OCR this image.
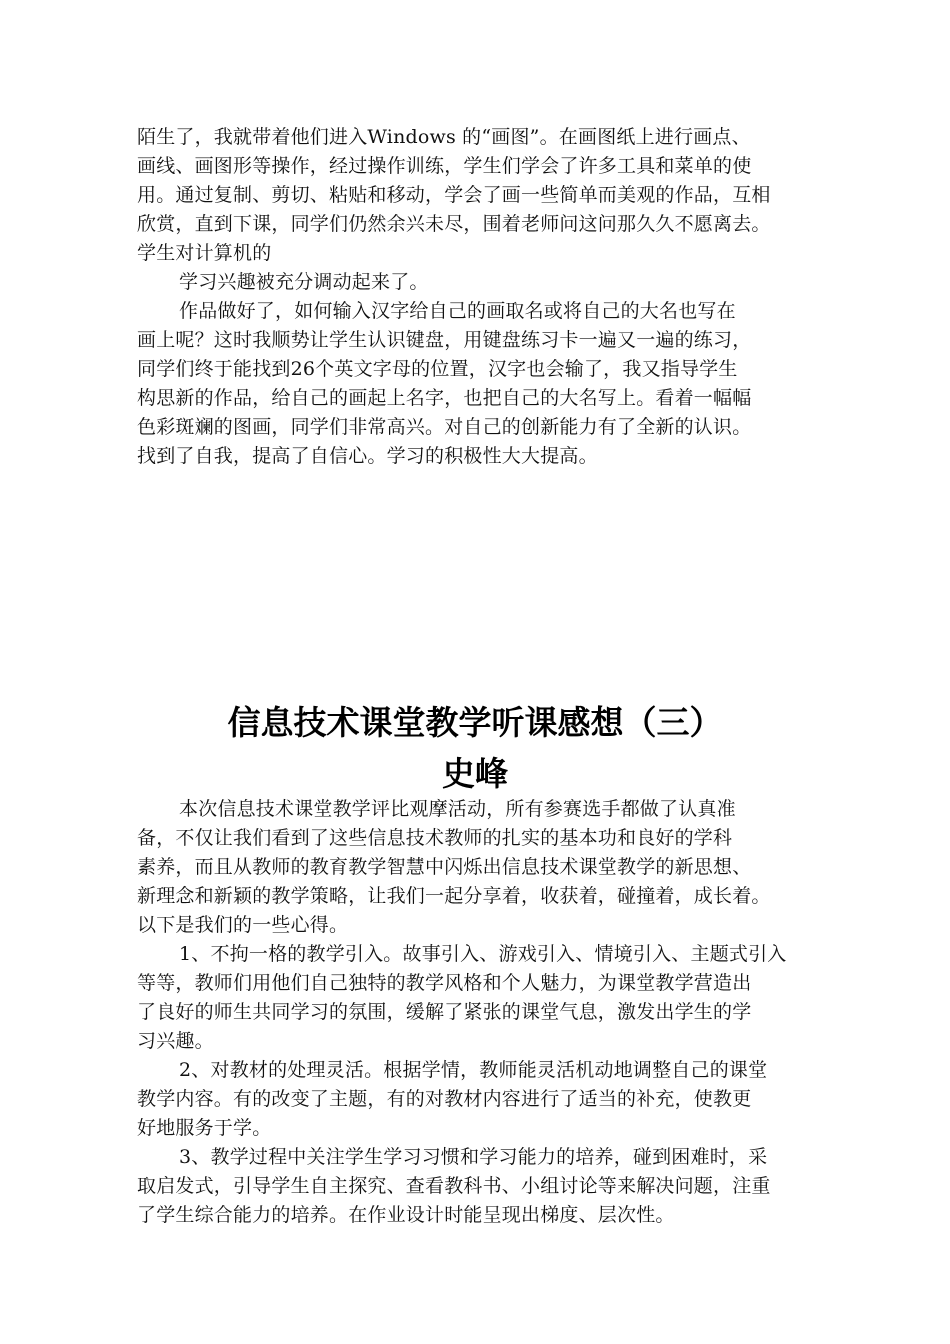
陌生了，我就带着他们进入Windows 的“画图”。在画图纸上进行画点、
画线、画图形等操作，经过操作训练，学生们学会了许多工具和菜单的使
用。通过复制、剪切、粘贴和移动，学会了画一些简单而美观的作品，互相
欣赏，直到下课，同学们仍然余兴未尽，围着老师问这问那久久不愿离去。
学生对计算机的
学习兴趣被充分调动起来了。
作品做好了，如何输入汉字给自己的画取名或将自己的大名也写在
画上呢？这时我顺势让学生认识键盘，用键盘练习卡一遍又一遍的练习，
同学们终于能找到26个英文字母的位置，汉字也会输了，我又指导学生
构思新的作品，给自己的画起上名字，也把自己的大名写上。看着一幅幅
色彩斑斓的图画，同学们非常高兴。对自己的创新能力有了全新的认识。
找到了自我，提高了自信心。学习的积极性大大提高。
信息技术课堂教学听课感想（三）
史峰
本次信息技术课堂教学评比观摩活动，所有参赛选手都做了认真准
备，不仅让我们看到了这些信息技术教师的扎实的基本功和良好的学科
素养，而且从教师的教育教学智慧中闪烁出信息技术课堂教学的新思想、
新理念和新颖的教学策略，让我们一起分享着，收获着，碰撞着，成长着。
以下是我们的一些心得。
1、不拘一格的教学引入。故事引入、游戏引入、情境引入、主题式引入
等等，教师们用他们自己独特的教学风格和个人魅力，为课堂教学营造出
了良好的师生共同学习的氛围，缓解了紧张的课堂气息，激发出学生的学
习兴趣。
2、对教材的处理灵活。根据学情，教师能灵活机动地调整自己的课堂
教学内容。有的改变了主题，有的对教材内容进行了适当的补充，使教更
好地服务于学。
3、教学过程中关注学生学习习惯和学习能力的培养，碰到困难时，采
取启发式，引导学生自主探究、查看教科书、小组讨论等来解决问题，注重
了学生综合能力的培养。在作业设计时能呈现出梯度、层次性。
